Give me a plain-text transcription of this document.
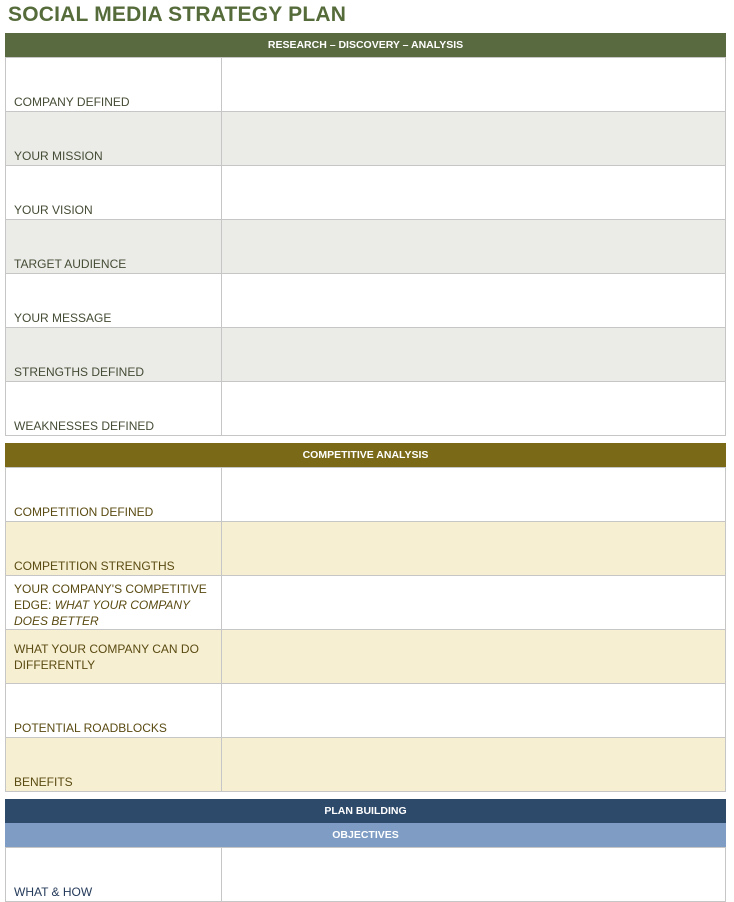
SOCIAL MEDIA STRATEGY PLAN
RESEARCH – DISCOVERY – ANALYSIS
COMPANY DEFINED	

YOUR MISSION	

YOUR VISION	

TARGET AUDIENCE	

YOUR MESSAGE	

STRENGTHS DEFINED	

WEAKNESSES DEFINED	

COMPETITIVE ANALYSIS
COMPETITION DEFINED	

COMPETITION STRENGTHS	

YOUR COMPANY'S COMPETITIVE EDGE: WHAT YOUR COMPANY DOES BETTER	
WHAT YOUR COMPANY CAN DO DIFFERENTLY	

POTENTIAL ROADBLOCKS	

BENEFITS	

PLAN BUILDING
OBJECTIVES
WHAT & HOW
